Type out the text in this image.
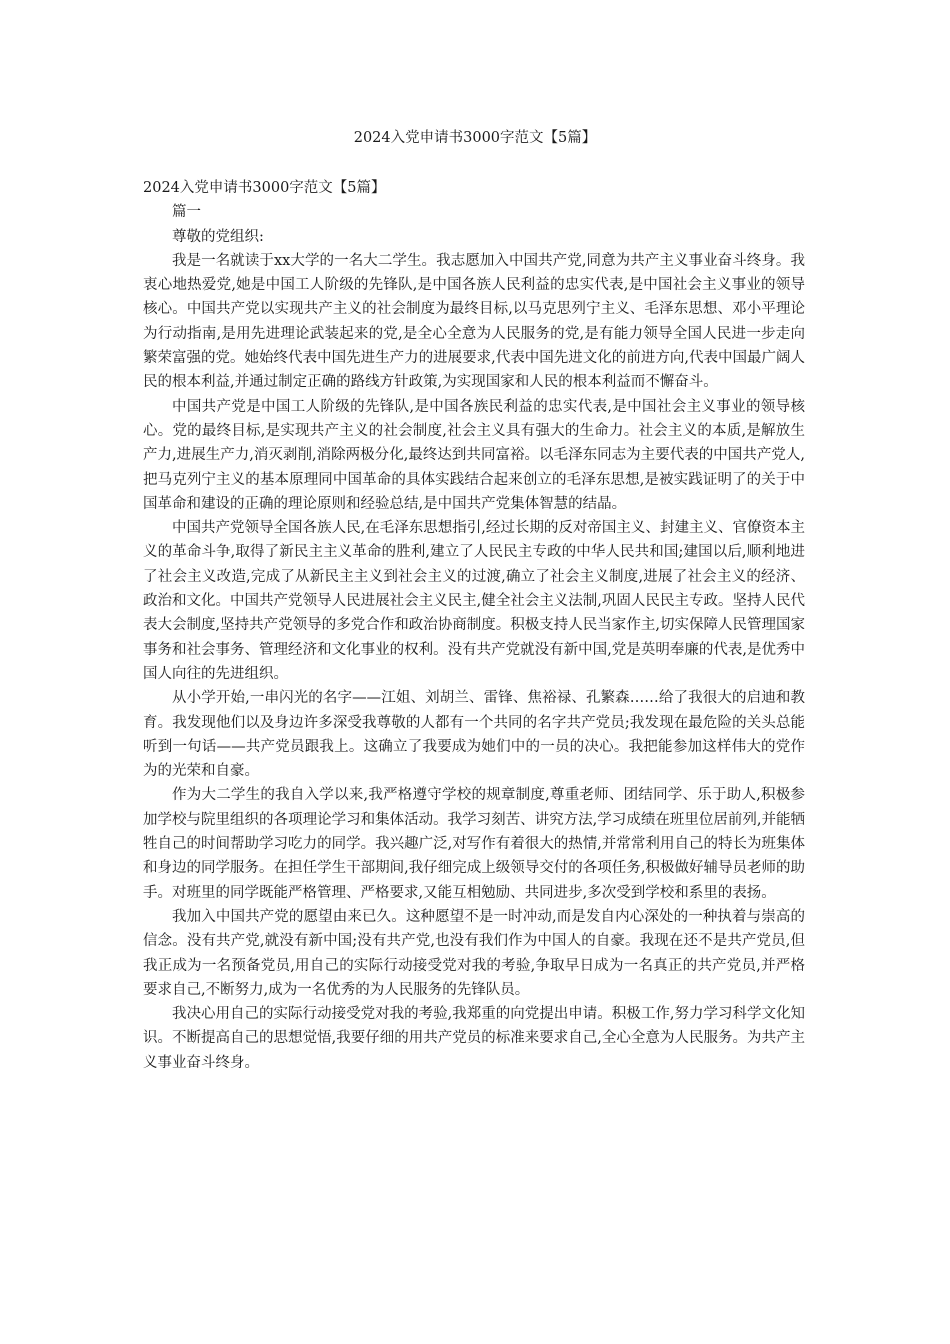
2024入党申请书3000字范文【5篇】

2024入党申请书3000字范文【5篇】

篇一

尊敬的党组织:

我是一名就读于xx大学的一名大二学生。我志愿加入中国共产党,同意为共产主义事业奋斗终身。我衷心地热爱党,她是中国工人阶级的先锋队,是中国各族人民利益的忠实代表,是中国社会主义事业的领导核心。中国共产党以实现共产主义的社会制度为最终目标,以马克思列宁主义、毛泽东思想、邓小平理论为行动指南,是用先进理论武装起来的党,是全心全意为人民服务的党,是有能力领导全国人民进一步走向繁荣富强的党。她始终代表中国先进生产力的进展要求,代表中国先进文化的前进方向,代表中国最广阔人民的根本利益,并通过制定正确的路线方针政策,为实现国家和人民的根本利益而不懈奋斗。

中国共产党是中国工人阶级的先锋队,是中国各族民利益的忠实代表,是中国社会主义事业的领导核心。党的最终目标,是实现共产主义的社会制度,社会主义具有强大的生命力。社会主义的本质,是解放生产力,进展生产力,消灭剥削,消除两极分化,最终达到共同富裕。以毛泽东同志为主要代表的中国共产党人,把马克列宁主义的基本原理同中国革命的具体实践结合起来创立的毛泽东思想,是被实践证明了的关于中国革命和建设的正确的理论原则和经验总结,是中国共产党集体智慧的结晶。

中国共产党领导全国各族人民,在毛泽东思想指引,经过长期的反对帝国主义、封建主义、官僚资本主义的革命斗争,取得了新民主主义革命的胜利,建立了人民民主专政的中华人民共和国;建国以后,顺利地进了社会主义改造,完成了从新民主主义到社会主义的过渡,确立了社会主义制度,进展了社会主义的经济、政治和文化。中国共产党领导人民进展社会主义民主,健全社会主义法制,巩固人民民主专政。坚持人民代表大会制度,坚持共产党领导的多党合作和政治协商制度。积极支持人民当家作主,切实保障人民管理国家事务和社会事务、管理经济和文化事业的权利。没有共产党就没有新中国,党是英明奉廉的代表,是优秀中国人向往的先进组织。

从小学开始,一串闪光的名字——江姐、刘胡兰、雷锋、焦裕禄、孔繁森……给了我很大的启迪和教育。我发现他们以及身边许多深受我尊敬的人都有一个共同的名字共产党员;我发现在最危险的关头总能听到一句话——共产党员跟我上。这确立了我要成为她们中的一员的决心。我把能参加这样伟大的党作为的光荣和自豪。

作为大二学生的我自入学以来,我严格遵守学校的规章制度,尊重老师、团结同学、乐于助人,积极参加学校与院里组织的各项理论学习和集体活动。我学习刻苦、讲究方法,学习成绩在班里位居前列,并能牺牲自己的时间帮助学习吃力的同学。我兴趣广泛,对写作有着很大的热情,并常常利用自己的特长为班集体和身边的同学服务。在担任学生干部期间,我仔细完成上级领导交付的各项任务,积极做好辅导员老师的助手。对班里的同学既能严格管理、严格要求,又能互相勉励、共同进步,多次受到学校和系里的表扬。

我加入中国共产党的愿望由来已久。这种愿望不是一时冲动,而是发自内心深处的一种执着与崇高的信念。没有共产党,就没有新中国;没有共产党,也没有我们作为中国人的自豪。我现在还不是共产党员,但我正成为一名预备党员,用自己的实际行动接受党对我的考验,争取早日成为一名真正的共产党员,并严格要求自己,不断努力,成为一名优秀的为人民服务的先锋队员。

我决心用自己的实际行动接受党对我的考验,我郑重的向党提出申请。积极工作,努力学习科学文化知识。不断提高自己的思想觉悟,我要仔细的用共产党员的标准来要求自己,全心全意为人民服务。为共产主义事业奋斗终身。
